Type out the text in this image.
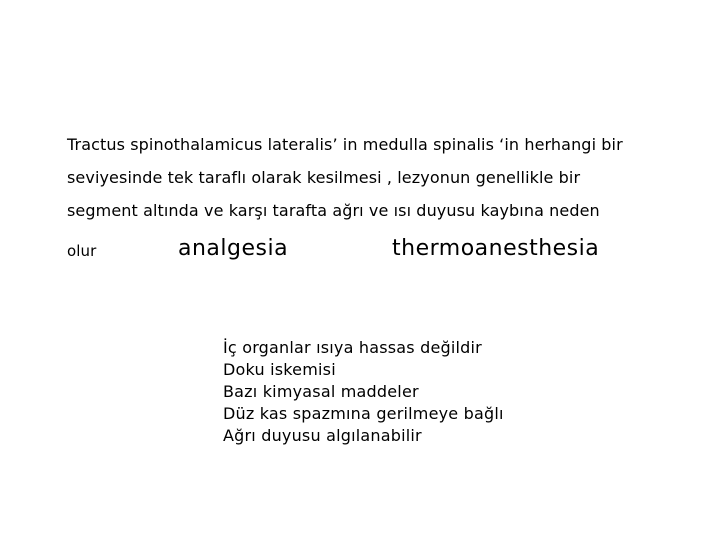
Tractus spinothalamicus lateralis’ in medulla spinalis ‘in herhangi bir
seviyesinde tek taraflı olarak kesilmesi , lezyonun genellikle bir
segment altında ve karşı tarafta ağrı ve ısı duyusu kaybına neden
olur	analgesia	thermoanesthesia
İç organlar ısıya hassas değildir
Doku iskemisi
Bazı kimyasal maddeler
Düz kas spazmına gerilmeye bağlı
Ağrı duyusu algılanabilir
